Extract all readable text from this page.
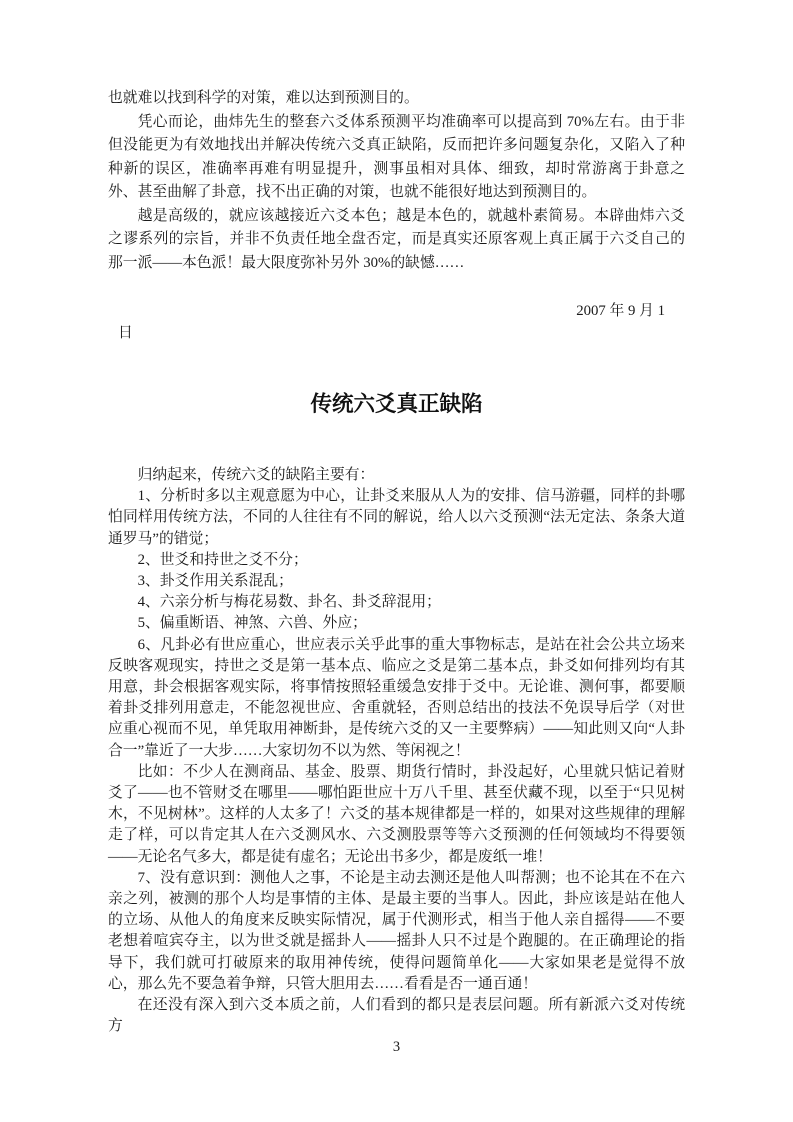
也就难以找到科学的对策，难以达到预测目的。

凭心而论，曲炜先生的整套六爻体系预测平均准确率可以提高到 70%左右。由于非但没能更为有效地找出并解决传统六爻真正缺陷，反而把许多问题复杂化，又陷入了种种新的误区，准确率再难有明显提升，测事虽相对具体、细致，却时常游离于卦意之外、甚至曲解了卦意，找不出正确的对策，也就不能很好地达到预测目的。

越是高级的，就应该越接近六爻本色；越是本色的，就越朴素简易。本辟曲炜六爻之谬系列的宗旨，并非不负责任地全盘否定，而是真实还原客观上真正属于六爻自己的那一派——本色派！最大限度弥补另外 30%的缺憾……

2007 年 9 月 1

日

传统六爻真正缺陷

归纳起来，传统六爻的缺陷主要有：

1、分析时多以主观意愿为中心，让卦爻来服从人为的安排、信马游疆，同样的卦哪怕同样用传统方法，不同的人往往有不同的解说，给人以六爻预测“法无定法、条条大道通罗马”的错觉；

2、世爻和持世之爻不分；

3、卦爻作用关系混乱；

4、六亲分析与梅花易数、卦名、卦爻辞混用；

5、偏重断语、神煞、六兽、外应；

6、凡卦必有世应重心，世应表示关乎此事的重大事物标志，是站在社会公共立场来反映客观现实，持世之爻是第一基本点、临应之爻是第二基本点，卦爻如何排列均有其用意，卦会根据客观实际，将事情按照轻重缓急安排于爻中。无论谁、测何事，都要顺着卦爻排列用意走，不能忽视世应、舍重就轻，否则总结出的技法不免误导后学（对世应重心视而不见，单凭取用神断卦，是传统六爻的又一主要弊病）——知此则又向“人卦合一”靠近了一大步……大家切勿不以为然、等闲视之！

比如：不少人在测商品、基金、股票、期货行情时，卦没起好，心里就只惦记着财爻了——也不管财爻在哪里——哪怕距世应十万八千里、甚至伏藏不现，以至于“只见树木，不见树林”。这样的人太多了！六爻的基本规律都是一样的，如果对这些规律的理解走了样，可以肯定其人在六爻测风水、六爻测股票等等六爻预测的任何领域均不得要领——无论名气多大，都是徒有虚名；无论出书多少，都是废纸一堆！

7、没有意识到：测他人之事，不论是主动去测还是他人叫帮测；也不论其在不在六亲之列，被测的那个人均是事情的主体、是最主要的当事人。因此，卦应该是站在他人的立场、从他人的角度来反映实际情况，属于代测形式，相当于他人亲自摇得——不要老想着喧宾夺主，以为世爻就是摇卦人——摇卦人只不过是个跑腿的。在正确理论的指导下，我们就可打破原来的取用神传统，使得问题简单化——大家如果老是觉得不放心，那么先不要急着争辩，只管大胆用去……看看是否一通百通！

在还没有深入到六爻本质之前，人们看到的都只是表层问题。所有新派六爻对传统方

3
